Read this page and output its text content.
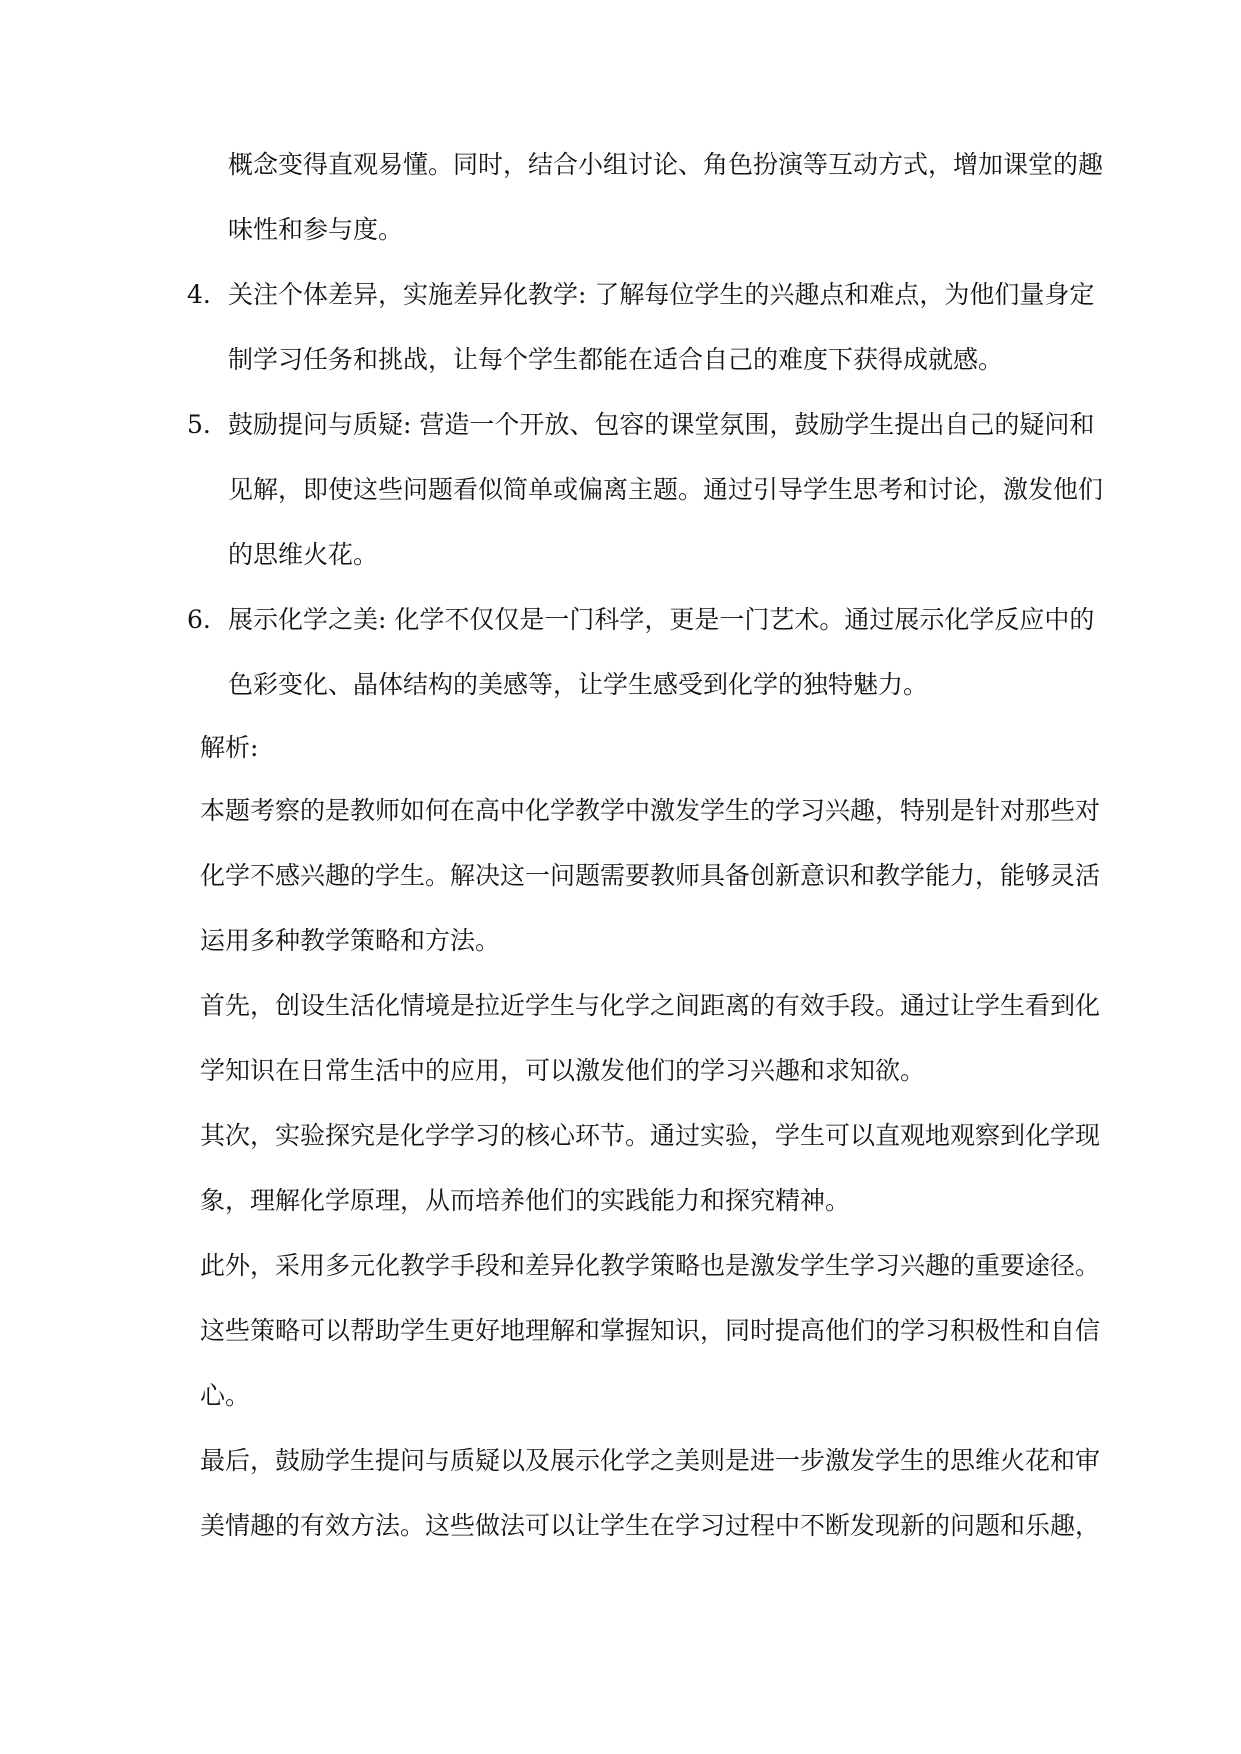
概念变得直观易懂。同时，结合小组讨论、角色扮演等互动方式，增加课堂的趣
味性和参与度。
4. 关注个体差异，实施差异化教学: 了解每位学生的兴趣点和难点，为他们量身定
制学习任务和挑战，让每个学生都能在适合自己的难度下获得成就感。
5. 鼓励提问与质疑: 营造一个开放、包容的课堂氛围，鼓励学生提出自己的疑问和
见解，即使这些问题看似简单或偏离主题。通过引导学生思考和讨论，激发他们
的思维火花。
6. 展示化学之美: 化学不仅仅是一门科学，更是一门艺术。通过展示化学反应中的
色彩变化、晶体结构的美感等，让学生感受到化学的独特魅力。
解析:
本题考察的是教师如何在高中化学教学中激发学生的学习兴趣，特别是针对那些对
化学不感兴趣的学生。解决这一问题需要教师具备创新意识和教学能力，能够灵活
运用多种教学策略和方法。
首先，创设生活化情境是拉近学生与化学之间距离的有效手段。通过让学生看到化
学知识在日常生活中的应用，可以激发他们的学习兴趣和求知欲。
其次，实验探究是化学学习的核心环节。通过实验，学生可以直观地观察到化学现
象，理解化学原理，从而培养他们的实践能力和探究精神。
此外，采用多元化教学手段和差异化教学策略也是激发学生学习兴趣的重要途径。
这些策略可以帮助学生更好地理解和掌握知识，同时提高他们的学习积极性和自信
心。
最后，鼓励学生提问与质疑以及展示化学之美则是进一步激发学生的思维火花和审
美情趣的有效方法。这些做法可以让学生在学习过程中不断发现新的问题和乐趣，
